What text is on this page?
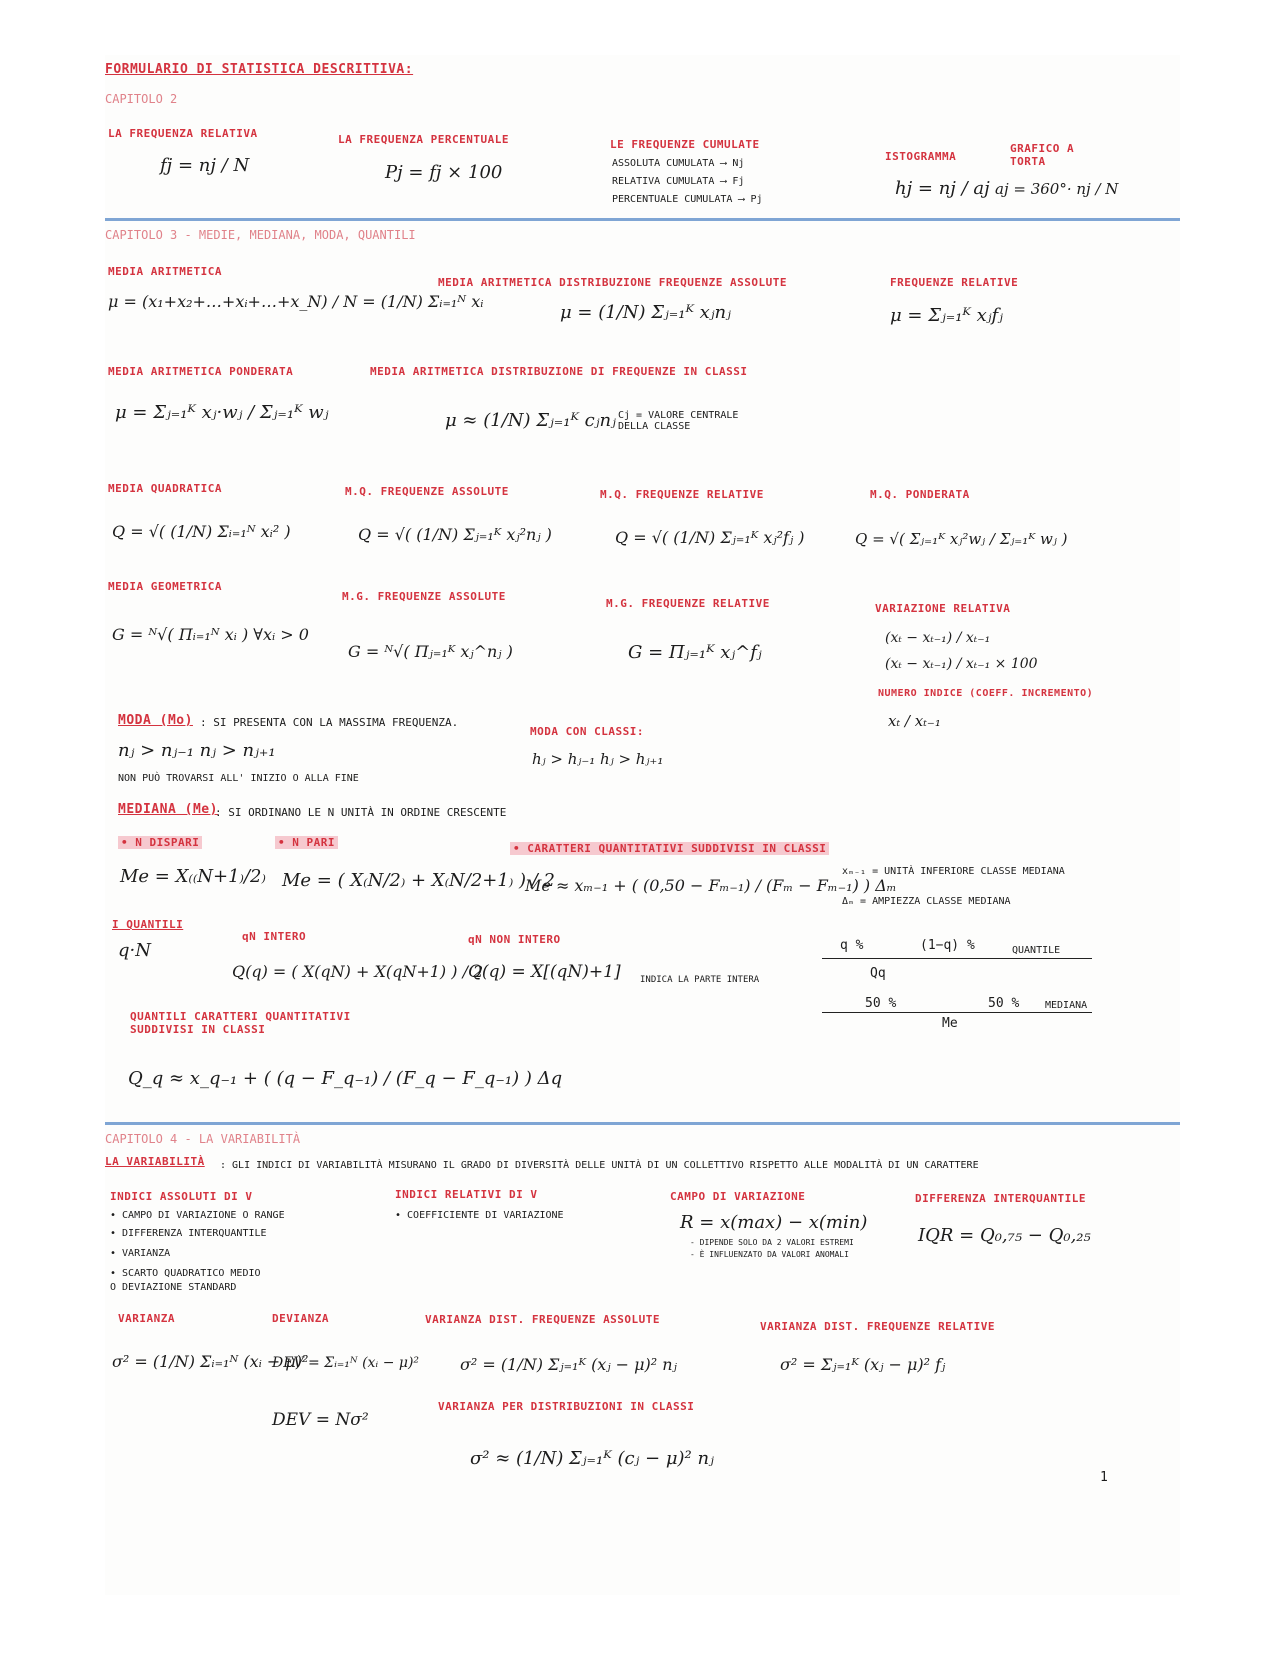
FORMULARIO DI STATISTICA DESCRITTIVA:
CAPITOLO 2
LA FREQUENZA RELATIVA
fj = nj / N
LA FREQUENZA PERCENTUALE
Pj = fj × 100
LE FREQUENZE CUMULATE
ASSOLUTA CUMULATA ⟶ Nj
RELATIVA CUMULATA ⟶ Fj
PERCENTUALE CUMULATA ⟶ Pj
ISTOGRAMMA
hj = nj / aj
GRAFICO A TORTA
aj = 360°· nj / N
CAPITOLO 3 - MEDIE, MEDIANA, MODA, QUANTILI
MEDIA ARITMETICA
μ = (x₁+x₂+…+xᵢ+…+x_N) / N = (1/N) Σᵢ₌₁ᴺ xᵢ
MEDIA ARITMETICA DISTRIBUZIONE FREQUENZE ASSOLUTE
μ = (1/N) Σⱼ₌₁ᴷ xⱼnⱼ
FREQUENZE RELATIVE
μ = Σⱼ₌₁ᴷ xⱼfⱼ
MEDIA ARITMETICA PONDERATA
μ = Σⱼ₌₁ᴷ xⱼ·wⱼ / Σⱼ₌₁ᴷ wⱼ
MEDIA ARITMETICA DISTRIBUZIONE DI FREQUENZE IN CLASSI
μ ≈ (1/N) Σⱼ₌₁ᴷ cⱼnⱼ Cj = VALORE CENTRALE DELLA CLASSE
MEDIA QUADRATICA
Q = √( (1/N) Σᵢ₌₁ᴺ xᵢ² )
M.Q. FREQUENZE ASSOLUTE
Q = √( (1/N) Σⱼ₌₁ᴷ xⱼ²nⱼ )
M.Q. FREQUENZE RELATIVE
Q = √( (1/N) Σⱼ₌₁ᴷ xⱼ²fⱼ )
M.Q. PONDERATA
Q = √( Σⱼ₌₁ᴷ xⱼ²wⱼ / Σⱼ₌₁ᴷ wⱼ )
MEDIA GEOMETRICA
G = ᴺ√( Πᵢ₌₁ᴺ xᵢ ) ∀xᵢ > 0
M.G. FREQUENZE ASSOLUTE
G = ᴺ√( Πⱼ₌₁ᴷ xⱼ^nⱼ )
M.G. FREQUENZE RELATIVE
G = Πⱼ₌₁ᴷ xⱼ^fⱼ
VARIAZIONE RELATIVA
(xₜ − xₜ₋₁) / xₜ₋₁
(xₜ − xₜ₋₁) / xₜ₋₁ × 100
NUMERO INDICE (COEFF. INCREMENTO)
xₜ / xₜ₋₁
MODA (Mo) : SI PRESENTA CON LA MASSIMA FREQUENZA.
nⱼ > nⱼ₋₁ nⱼ > nⱼ₊₁
NON PUÒ TROVARSI ALL' INIZIO O ALLA FINE
MODA CON CLASSI:
hⱼ > hⱼ₋₁ hⱼ > hⱼ₊₁
MEDIANA (Me)
: SI ORDINANO LE N UNITÀ IN ORDINE CRESCENTE
• N DISPARI
Me = X₍₍N+1₎/2₎
• N PARI
Me = ( X₍N/2₎ + X₍N/2+1₎ ) / 2
• CARATTERI QUANTITATIVI SUDDIVISI IN CLASSI
Me ≈ xₘ₋₁ + ( (0,50 − Fₘ₋₁) / (Fₘ − Fₘ₋₁) ) Δₘ
xₘ₋₁ = UNITÀ INFERIORE CLASSE MEDIANA
Δₘ = AMPIEZZA CLASSE MEDIANA
I QUANTILI
q·N
qN INTERO
Q(q) = ( X(qN) + X(qN+1) ) / 2
qN NON INTERO
Q(q) = X[(qN)+1] INDICA LA PARTE INTERA
q %	(1−q) %	QUANTILE
Qq
50 %	50 %	MEDIANA
Me
QUANTILI CARATTERI QUANTITATIVI SUDDIVISI IN CLASSI
Q_q ≈ x_q₋₁ + ( (q − F_q₋₁) / (F_q − F_q₋₁) ) Δq
CAPITOLO 4 - LA VARIABILITÀ
LA VARIABILITÀ : GLI INDICI DI VARIABILITÀ MISURANO IL GRADO DI DIVERSITÀ DELLE UNITÀ DI UN COLLETTIVO RISPETTO ALLE MODALITÀ DI UN CARATTERE
INDICI ASSOLUTI DI V
• CAMPO DI VARIAZIONE O RANGE
• DIFFERENZA INTERQUANTILE
• VARIANZA
• SCARTO QUADRATICO MEDIO
O DEVIAZIONE STANDARD
INDICI RELATIVI DI V
• COEFFICIENTE DI VARIAZIONE
CAMPO DI VARIAZIONE
R = x(max) − x(min)
- DIPENDE SOLO DA 2 VALORI ESTREMI
- È INFLUENZATO DA VALORI ANOMALI
DIFFERENZA INTERQUANTILE
IQR = Q₀,₇₅ − Q₀,₂₅
VARIANZA
σ² = (1/N) Σᵢ₌₁ᴺ (xᵢ − μ)²
DEVIANZA
DEV = Σᵢ₌₁ᴺ (xᵢ − μ)²
DEV = Nσ²
VARIANZA DIST. FREQUENZE ASSOLUTE
σ² = (1/N) Σⱼ₌₁ᴷ (xⱼ − μ)² nⱼ
VARIANZA DIST. FREQUENZE RELATIVE
σ² = Σⱼ₌₁ᴷ (xⱼ − μ)² fⱼ
VARIANZA PER DISTRIBUZIONI IN CLASSI
σ² ≈ (1/N) Σⱼ₌₁ᴷ (cⱼ − μ)² nⱼ
1
